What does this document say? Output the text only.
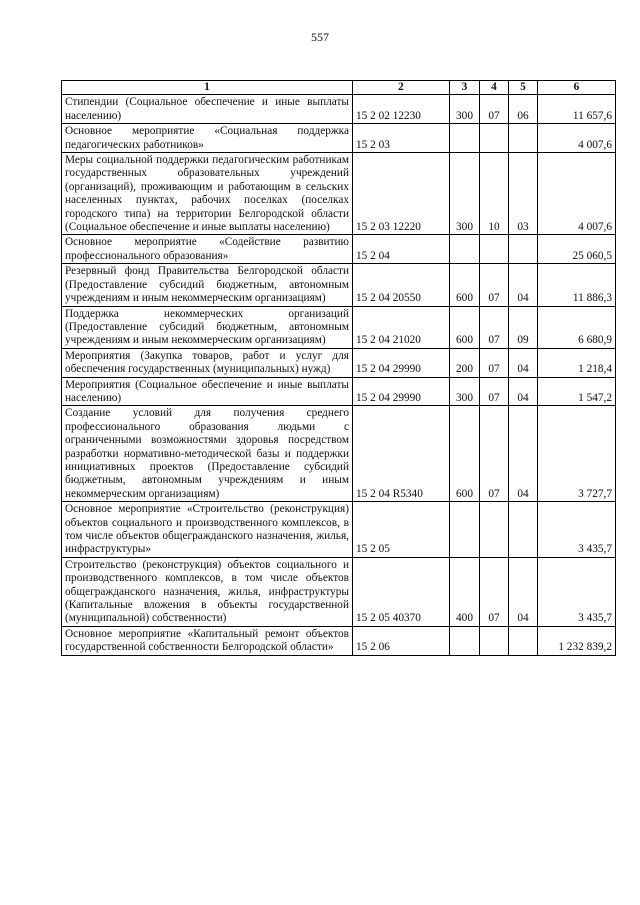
557
1	2	3	4	5	6
Стипендии (Социальное обеспечение и иные выплаты населению)	15 2 02 12230	300	07	06	11 657,6
Основное мероприятие «Социальная поддержка педагогических работников»	15 2 03				4 007,6
Меры социальной поддержки педагогическим работникам государственных образовательных учреждений (организаций), проживающим и работающим в сельских населенных пунктах, рабочих поселках (поселках городского типа) на территории Белгородской области (Социальное обеспечение и иные выплаты населению)	15 2 03 12220	300	10	03	4 007,6
Основное мероприятие «Содействие развитию профессионального образования»	15 2 04				25 060,5
Резервный фонд Правительства Белгородской области (Предоставление субсидий бюджетным, автономным учреждениям и иным некоммерческим организациям)	15 2 04 20550	600	07	04	11 886,3
Поддержка некоммерческих организаций (Предоставление субсидий бюджетным, автономным учреждениям и иным некоммерческим организациям)	15 2 04 21020	600	07	09	6 680,9
Мероприятия (Закупка товаров, работ и услуг для обеспечения государственных (муниципальных) нужд)	15 2 04 29990	200	07	04	1 218,4
Мероприятия (Социальное обеспечение и иные выплаты населению)	15 2 04 29990	300	07	04	1 547,2
Создание условий для получения среднего профессионального образования людьми с ограниченными возможностями здоровья посредством разработки нормативно-методической базы и поддержки инициативных проектов (Предоставление субсидий бюджетным, автономным учреждениям и иным некоммерческим организациям)	15 2 04 R5340	600	07	04	3 727,7
Основное мероприятие «Строительство (реконструкция) объектов социального и производственного комплексов, в том числе объектов общегражданского назначения, жилья, инфраструктуры»	15 2 05				3 435,7
Строительство (реконструкция) объектов социального и производственного комплексов, в том числе объектов общегражданского назначения, жилья, инфраструктуры (Капитальные вложения в объекты государственной (муниципальной) собственности)	15 2 05 40370	400	07	04	3 435,7
Основное мероприятие «Капитальный ремонт объектов государственной собственности Белгородской области»	15 2 06				1 232 839,2
